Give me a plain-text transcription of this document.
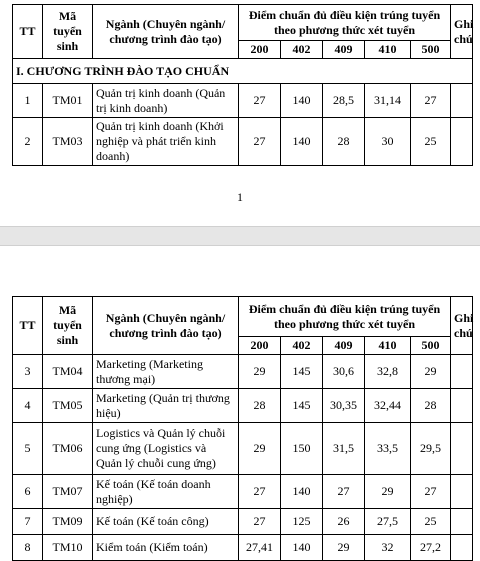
TT	Mã tuyển sinh	Ngành (Chuyên ngành/ chương trình đào tạo)	Điểm chuẩn đủ điều kiện trúng tuyển theo phương thức xét tuyển					Ghi chú
			200	402	409	410	500	
I. CHƯƠNG TRÌNH ĐÀO TẠO CHUẨN								
1	TM01	Quản trị kinh doanh (Quản trị kinh doanh)	27	140	28,5	31,14	27	
2	TM03	Quản trị kinh doanh (Khởi nghiệp và phát triển kinh doanh)	27	140	28	30	25	
1
TT	Mã tuyển sinh	Ngành (Chuyên ngành/ chương trình đào tạo)	Điểm chuẩn đủ điều kiện trúng tuyển theo phương thức xét tuyển					Ghi chú
			200	402	409	410	500	
3	TM04	Marketing (Marketing thương mại)	29	145	30,6	32,8	29	
4	TM05	Marketing (Quản trị thương hiệu)	28	145	30,35	32,44	28	
5	TM06	Logistics và Quản lý chuỗi cung ứng (Logistics và Quản lý chuỗi cung ứng)	29	150	31,5	33,5	29,5	
6	TM07	Kế toán (Kế toán doanh nghiệp)	27	140	27	29	27	
7	TM09	Kế toán (Kế toán công)	27	125	26	27,5	25	
8	TM10	Kiểm toán (Kiểm toán)	27,41	140	29	32	27,2	
